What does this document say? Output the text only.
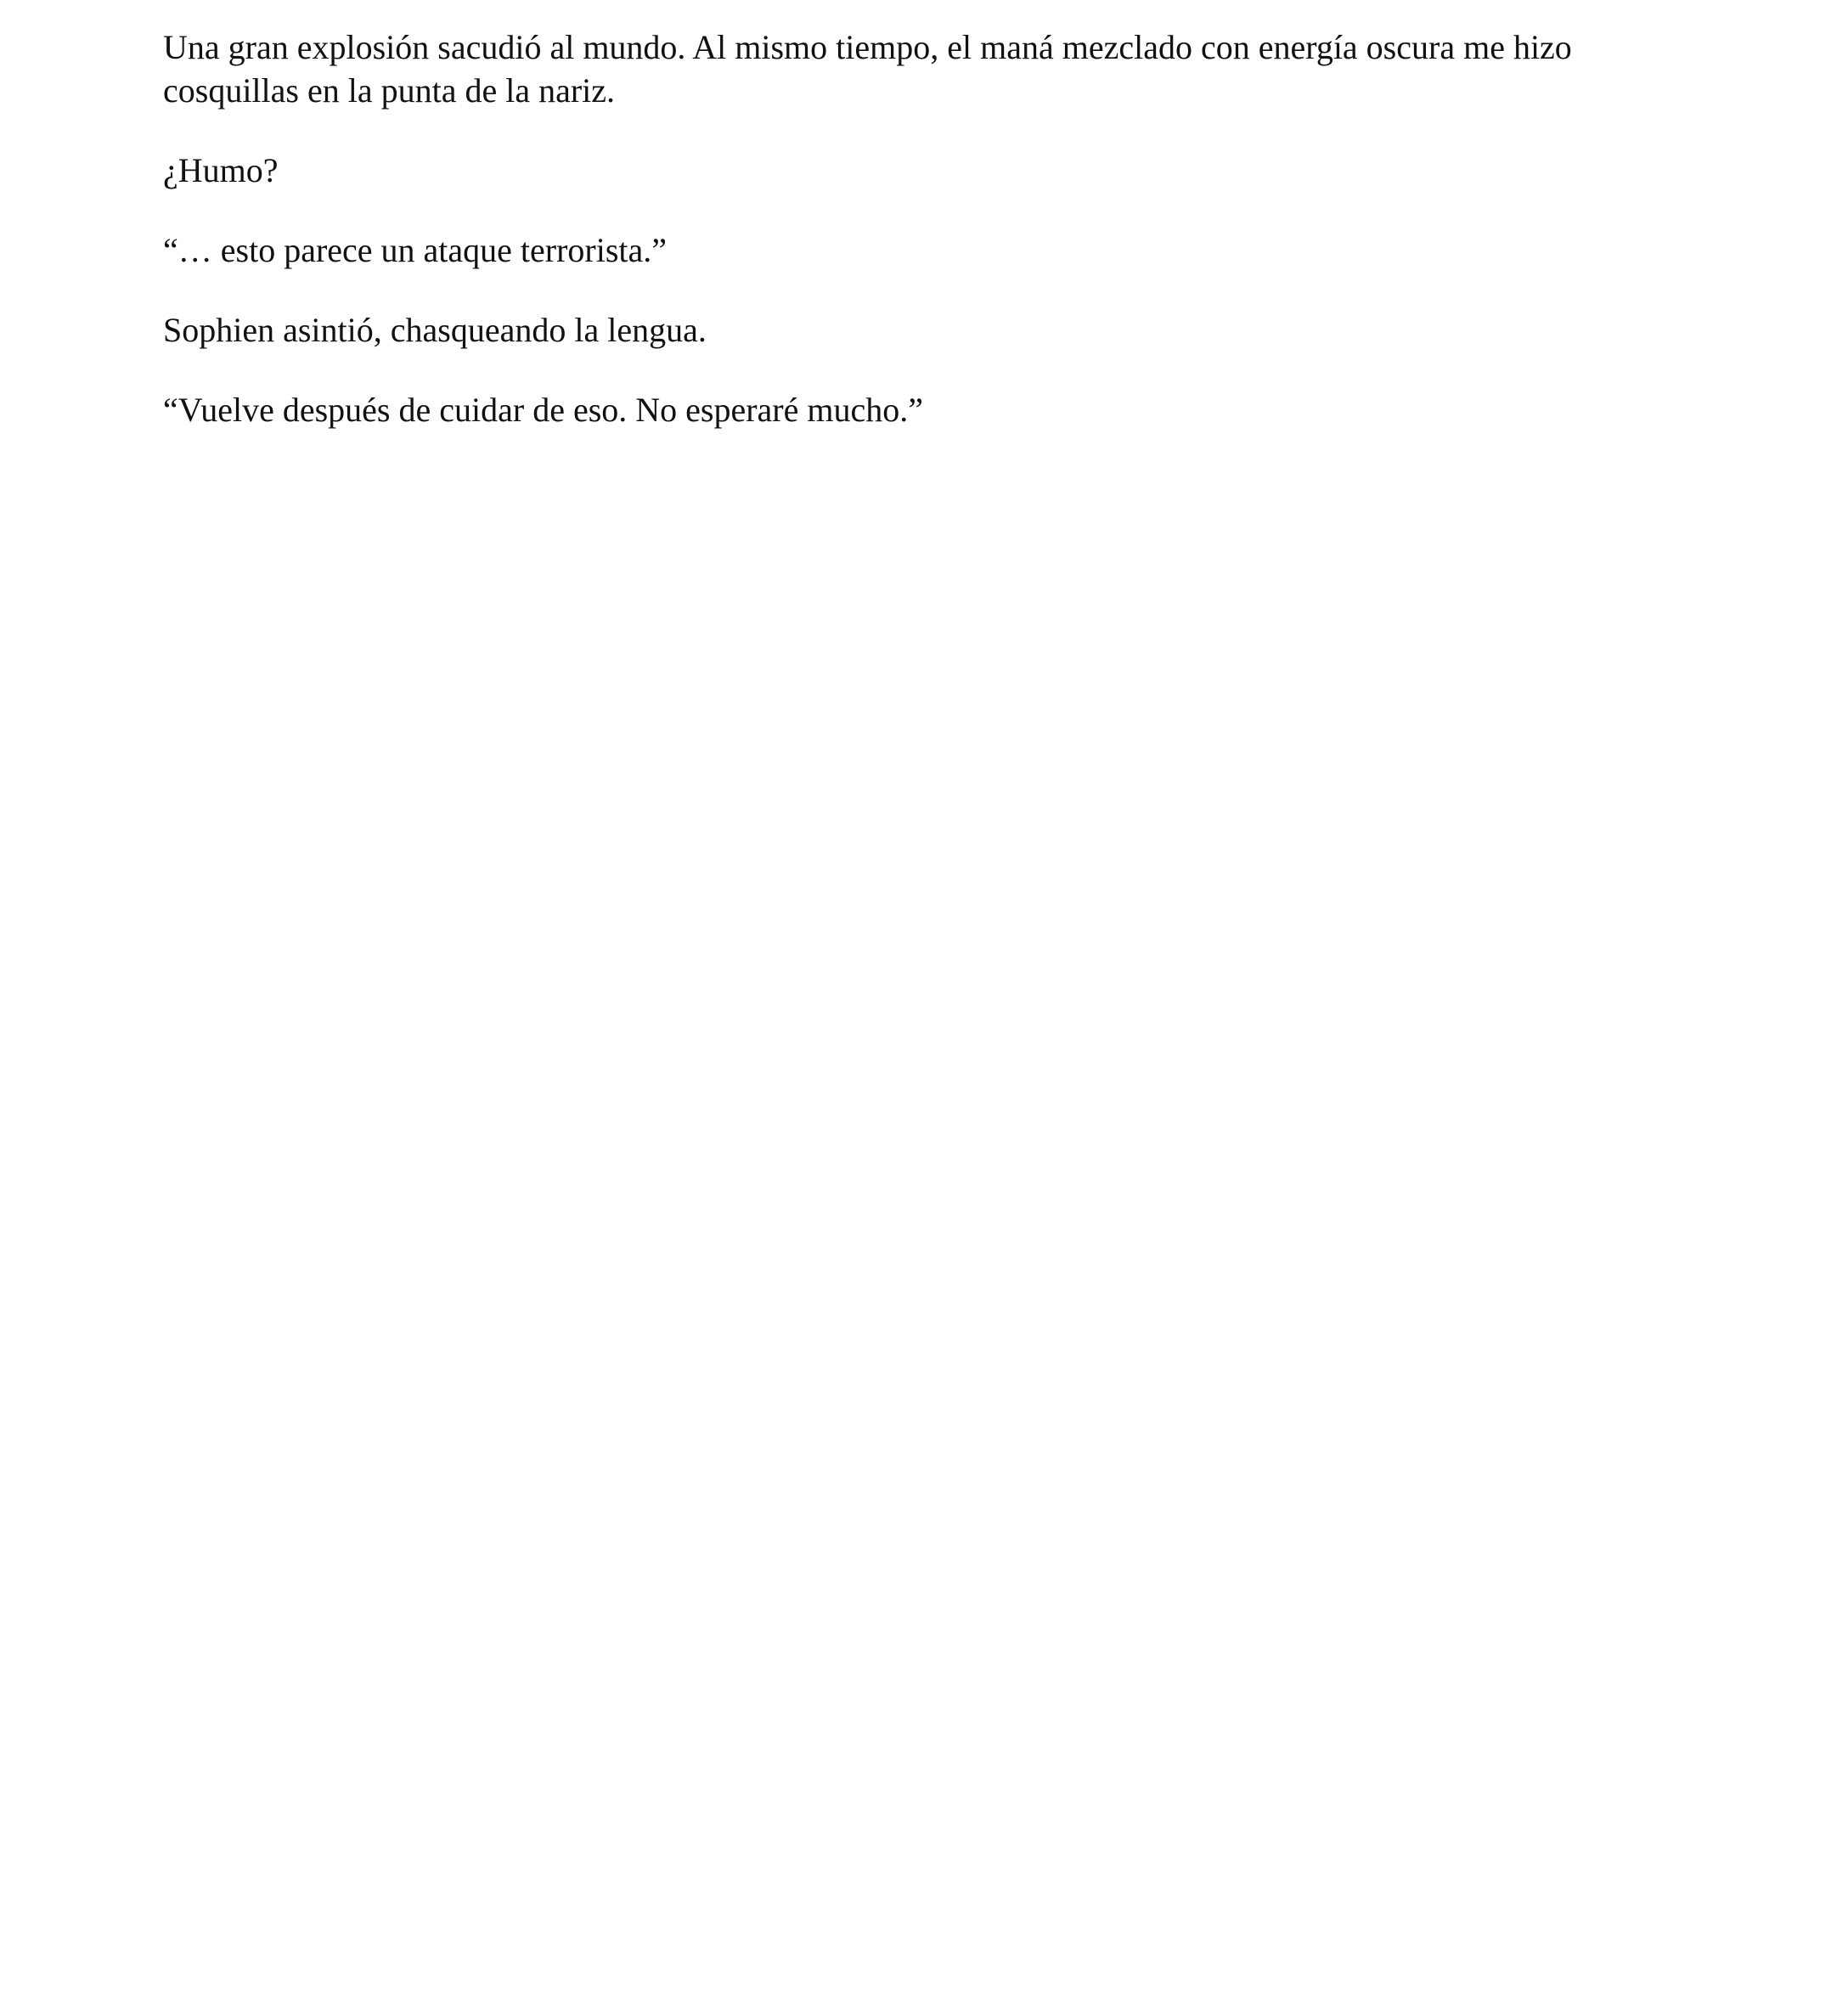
Una gran explosión sacudió al mundo. Al mismo tiempo, el maná mezclado con energía oscura me hizo cosquillas en la punta de la nariz.

¿Humo?

“… esto parece un ataque terrorista.”

Sophien asintió, chasqueando la lengua.

“Vuelve después de cuidar de eso. No esperaré mucho.”
